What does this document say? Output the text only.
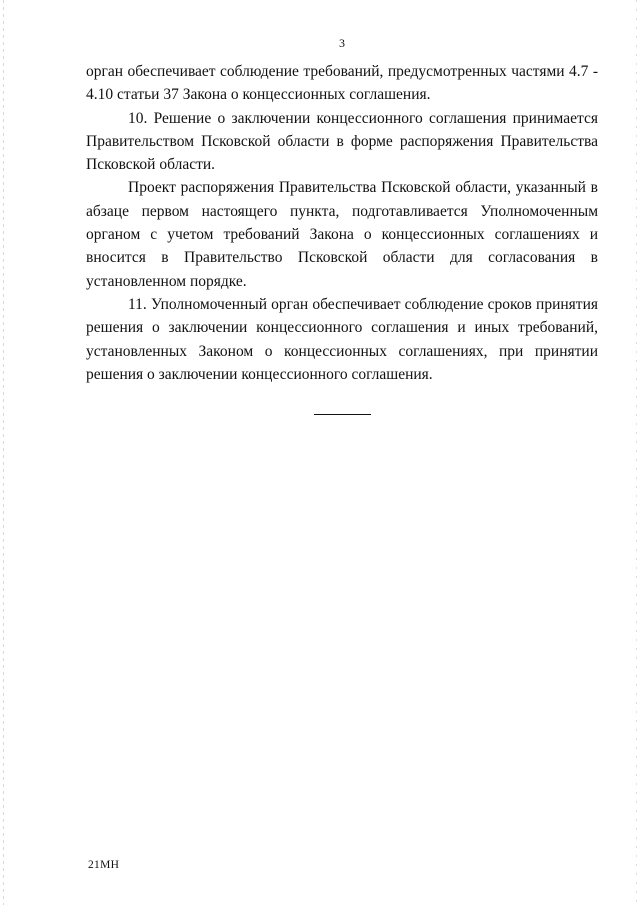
3

орган обеспечивает соблюдение требований, предусмотренных частями 4.7 - 4.10 статьи 37 Закона о концессионных соглашения.

10. Решение о заключении концессионного соглашения принимается Правительством Псковской области в форме распоряжения Правительства Псковской области.

Проект распоряжения Правительства Псковской области, указанный в абзаце первом настоящего пункта, подготавливается Уполномоченным органом с учетом требований Закона о концессионных соглашениях и вносится в Правительство Псковской области для согласования в установленном порядке.

11. Уполномоченный орган обеспечивает соблюдение сроков принятия решения о заключении концессионного соглашения и иных требований, установленных Законом о концессионных соглашениях, при принятии решения о заключении концессионного соглашения.

21МН
